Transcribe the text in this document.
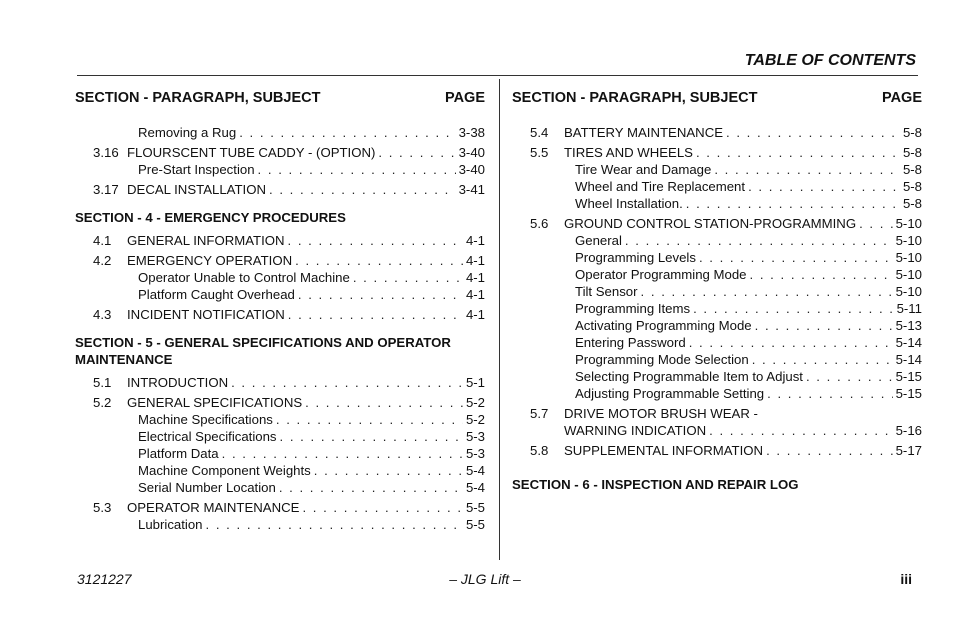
TABLE OF CONTENTS
SECTION - PARAGRAPH, SUBJECT	PAGE
Removing a Rug . . .	3-38
3.16 FLOURSCENT TUBE CADDY - (OPTION) . . .	3-40
Pre-Start Inspection . . .	3-40
3.17 DECAL INSTALLATION . . .	3-41
SECTION - 4 - EMERGENCY PROCEDURES
4.1	GENERAL INFORMATION . . .	4-1
4.2	EMERGENCY OPERATION . . .	4-1
Operator Unable to Control Machine . . .	4-1
Platform Caught Overhead . . .	4-1
4.3	INCIDENT NOTIFICATION . . .	4-1
SECTION - 5 - GENERAL SPECIFICATIONS AND OPERATOR
MAINTENANCE
5.1	INTRODUCTION . . .	5-1
5.2	GENERAL SPECIFICATIONS . . .	5-2
Machine Specifications . . .	5-2
Electrical Specifications . . .	5-3
Platform Data . . .	5-3
Machine Component Weights . . .	5-4
Serial Number Location . . .	5-4
5.3	OPERATOR MAINTENANCE . . .	5-5
Lubrication . . .	5-5
SECTION - PARAGRAPH, SUBJECT	PAGE
5.4	BATTERY MAINTENANCE . . .	5-8
5.5	TIRES AND WHEELS . . .	5-8
Tire Wear and Damage . . .	5-8
Wheel and Tire Replacement . . .	5-8
Wheel Installation. . . .	5-8
5.6	GROUND CONTROL STATION-PROGRAMMING . . .	5-10
General . . .	5-10
Programming Levels . . .	5-10
Operator Programming Mode . . .	5-10
Tilt Sensor . . .	5-10
Programming Items . . .	5-11
Activating Programming Mode . . .	5-13
Entering Password . . .	5-14
Programming Mode Selection . . .	5-14
Selecting Programmable Item to Adjust . . .	5-15
Adjusting Programmable Setting . . .	5-15
5.7	DRIVE MOTOR BRUSH WEAR -
WARNING INDICATION . . .	5-16
5.8	SUPPLEMENTAL INFORMATION . . .	5-17
SECTION - 6 - INSPECTION AND REPAIR LOG
3121227	– JLG Lift –	iii
